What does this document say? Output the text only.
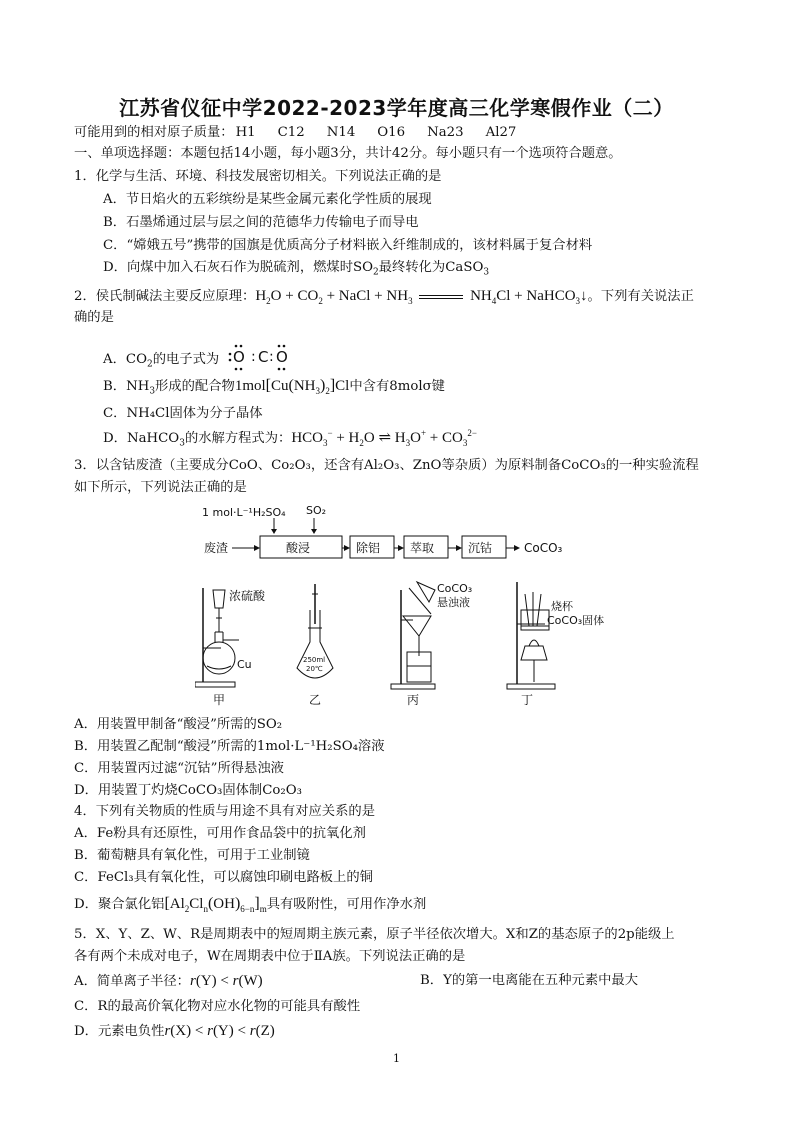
江苏省仪征中学2022-2023学年度高三化学寒假作业（二）
可能用到的相对原子质量： H1 C12 N14 O16 Na23 Al27
一、单项选择题：本题包括14小题，每小题3分，共计42分。每小题只有一个选项符合题意。
1．化学与生活、环境、科技发展密切相关。下列说法正确的是
A．节日焰火的五彩缤纷是某些金属元素化学性质的展现
B．石墨烯通过层与层之间的范德华力传输电子而导电
C．“嫦娥五号”携带的国旗是优质高分子材料嵌入纤维制成的，该材料属于复合材料
D．向煤中加入石灰石作为脱硫剂，燃煤时$SO_2$最终转化为CaSO$_3$
2．侯氏制碱法主要反应原理：$H_2O + CO_2$ + NaCl + $NH_3$	$NH_4Cl$ + NaHCO$_3$↓。下列有关说法正
确的是
A．$CO_2$的电子式为 O : C : O
B．$NH_3$形成的配合物$1mol[Cu(NH_3)_2]Cl$中含有8molσ键
C．NH₄Cl固体为分子晶体
D．NaHCO$_3$的水解方程式为：$HCO_3^- + H_2O$ ⇌ $H_3O^+ + CO_3^{2-}$
3．以含钴废渣（主要成分CoO、Co₂O₃，还含有Al₂O₃、ZnO等杂质）为原料制备CoCO₃的一种实验流程
如下所示，下列说法正确的是
1 mol·L⁻¹H₂SO₄ SO₂
废渣	酸浸	除铝 萃取	沉钴	CoCO₃
浓硫酸
Cu
甲
250ml
20℃
乙
CoCO₃
悬浊液
丙
烧杯
CoCO₃固体
丁
A．用装置甲制备“酸浸”所需的SO₂
B．用装置乙配制“酸浸”所需的1mol·L⁻¹H₂SO₄溶液
C．用装置丙过滤“沉钴”所得悬浊液
D．用装置丁灼烧CoCO₃固体制Co₂O₃
4．下列有关物质的性质与用途不具有对应关系的是
A．Fe粉具有还原性，可用作食品袋中的抗氧化剂
B．葡萄糖具有氧化性，可用于工业制镜
C．FeCl₃具有氧化性，可以腐蚀印刷电路板上的铜
D．聚合氯化铝$[Al_2Cl_n(OH)_{6-n}]_m$具有吸附性，可用作净水剂
5．X、Y、Z、W、R是周期表中的短周期主族元素，原子半径依次增大。X和Z的基态原子的2p能级上
各有两个未成对电子，W在周期表中位于ⅡA族。下列说法正确的是
A．简单离子半径：r(Y) < r(W)	B．Y的第一电离能在五种元素中最大
C．R的最高价氧化物对应水化物的可能具有酸性
D．元素电负性r(X) < r(Y) < r(Z)
1
